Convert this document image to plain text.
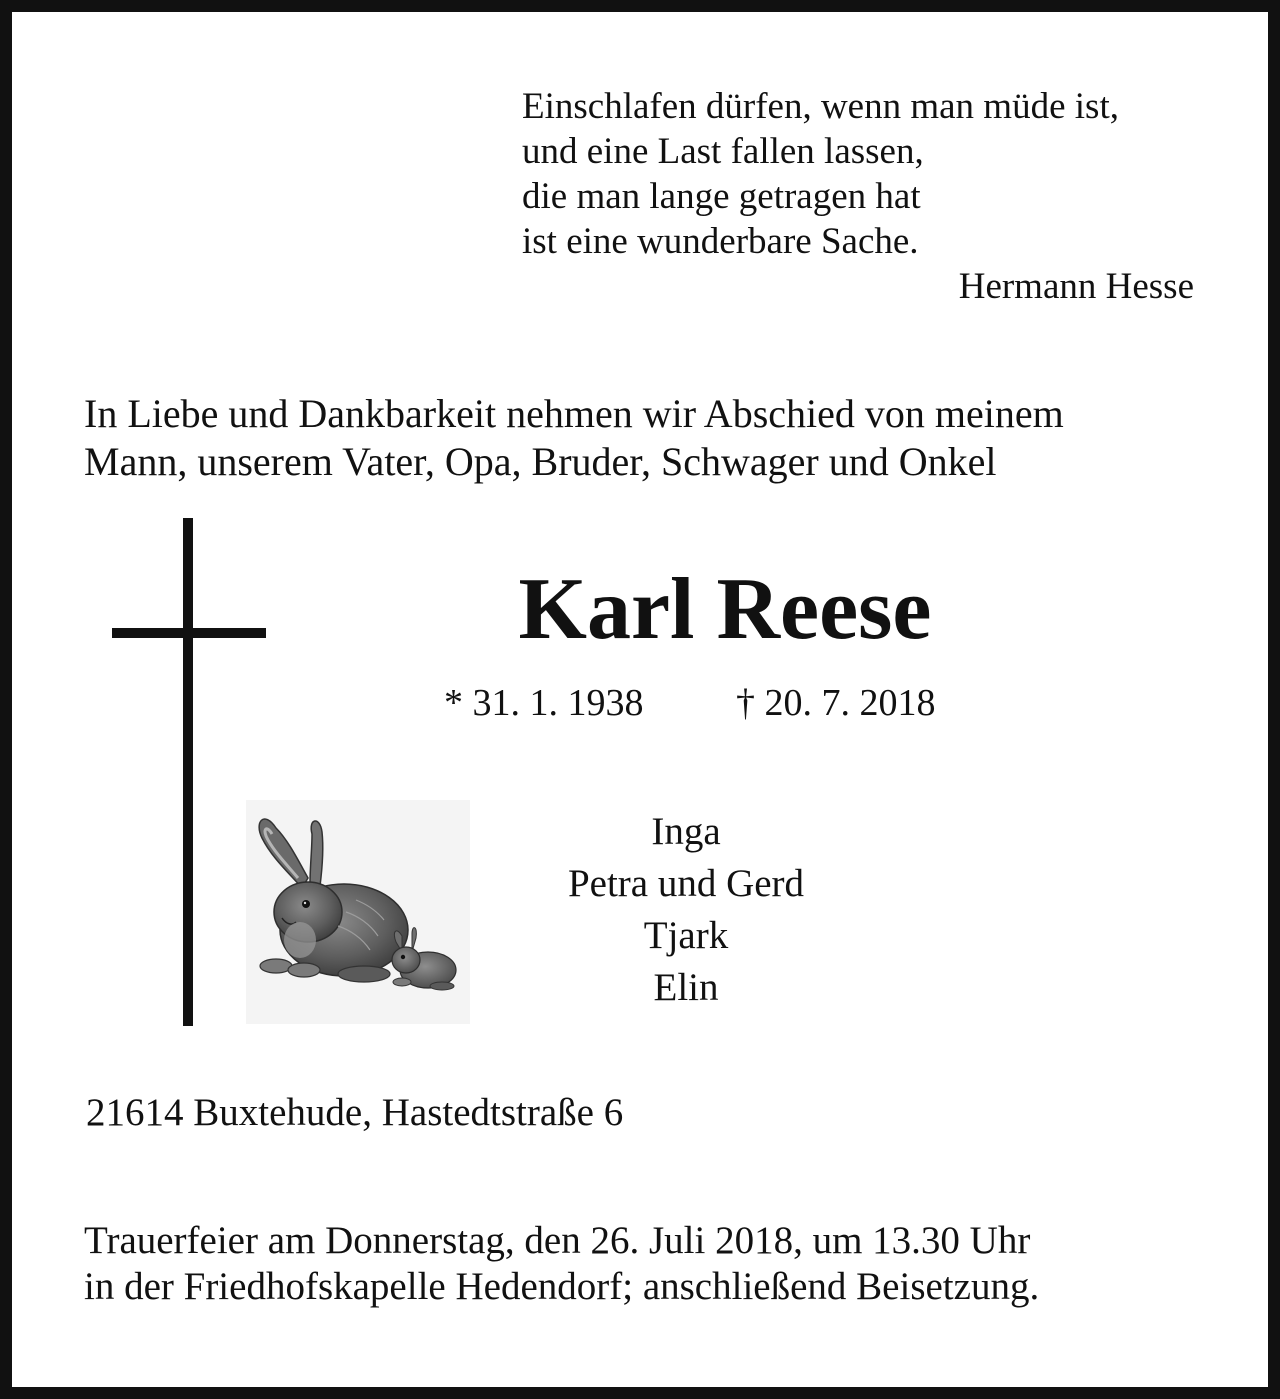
Einschlafen dürfen, wenn man müde ist,
und eine Last fallen lassen,
die man lange getragen hat
ist eine wunderbare Sache.
Hermann Hesse
In Liebe und Dankbarkeit nehmen wir Abschied von meinem
Mann, unserem Vater, Opa, Bruder, Schwager und Onkel
Karl Reese
* 31. 1. 1938 † 20. 7. 2018
Inga
Petra und Gerd
Tjark
Elin
21614 Buxtehude, Hastedtstraße 6
Trauerfeier am Donnerstag, den 26. Juli 2018, um 13.30 Uhr
in der Friedhofskapelle Hedendorf; anschließend Beisetzung.
